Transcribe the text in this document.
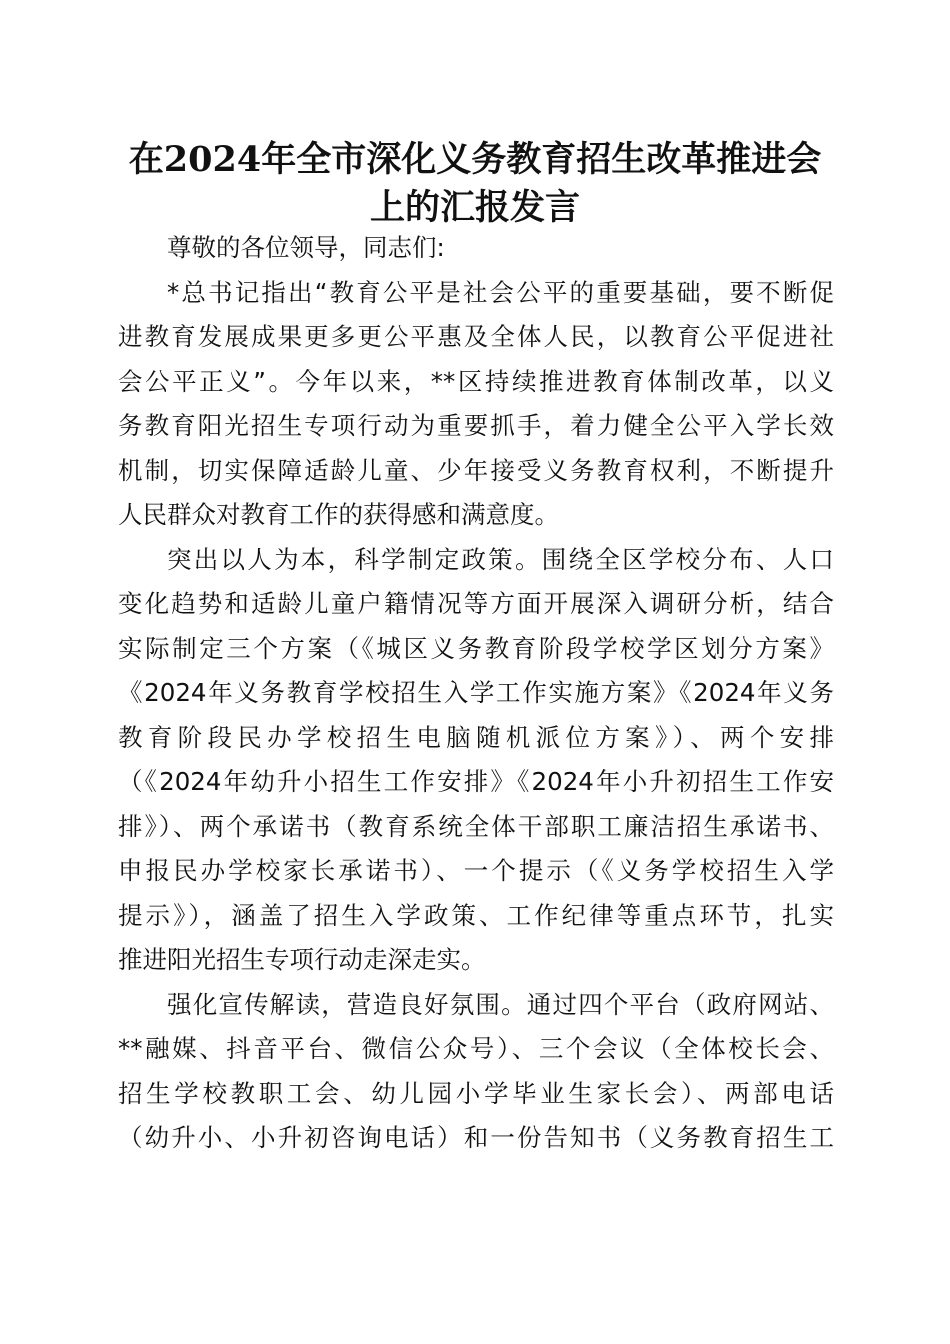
在2024年全市深化义务教育招生改革推进会
上的汇报发言

尊敬的各位领导，同志们:

*总书记指出“教育公平是社会公平的重要基础，要不断促
进教育发展成果更多更公平惠及全体人民，以教育公平促进社
会公平正义”。今年以来，**区持续推进教育体制改革，以义
务教育阳光招生专项行动为重要抓手，着力健全公平入学长效
机制，切实保障适龄儿童、少年接受义务教育权利，不断提升
人民群众对教育工作的获得感和满意度。

突出以人为本，科学制定政策。围绕全区学校分布、人口
变化趋势和适龄儿童户籍情况等方面开展深入调研分析，结合
实际制定三个方案（《城区义务教育阶段学校学区划分方案》
《2024年义务教育学校招生入学工作实施方案》《2024年义务
教育阶段民办学校招生电脑随机派位方案》）、两个安排
（《2024年幼升小招生工作安排》《2024年小升初招生工作安
排》）、两个承诺书（教育系统全体干部职工廉洁招生承诺书、
申报民办学校家长承诺书）、一个提示（《义务学校招生入学
提示》），涵盖了招生入学政策、工作纪律等重点环节，扎实
推进阳光招生专项行动走深走实。

强化宣传解读，营造良好氛围。通过四个平台（政府网站、
**融媒、抖音平台、微信公众号）、三个会议（全体校长会、
招生学校教职工会、幼儿园小学毕业生家长会）、两部电话
（幼升小、小升初咨询电话）和一份告知书（义务教育招生工
